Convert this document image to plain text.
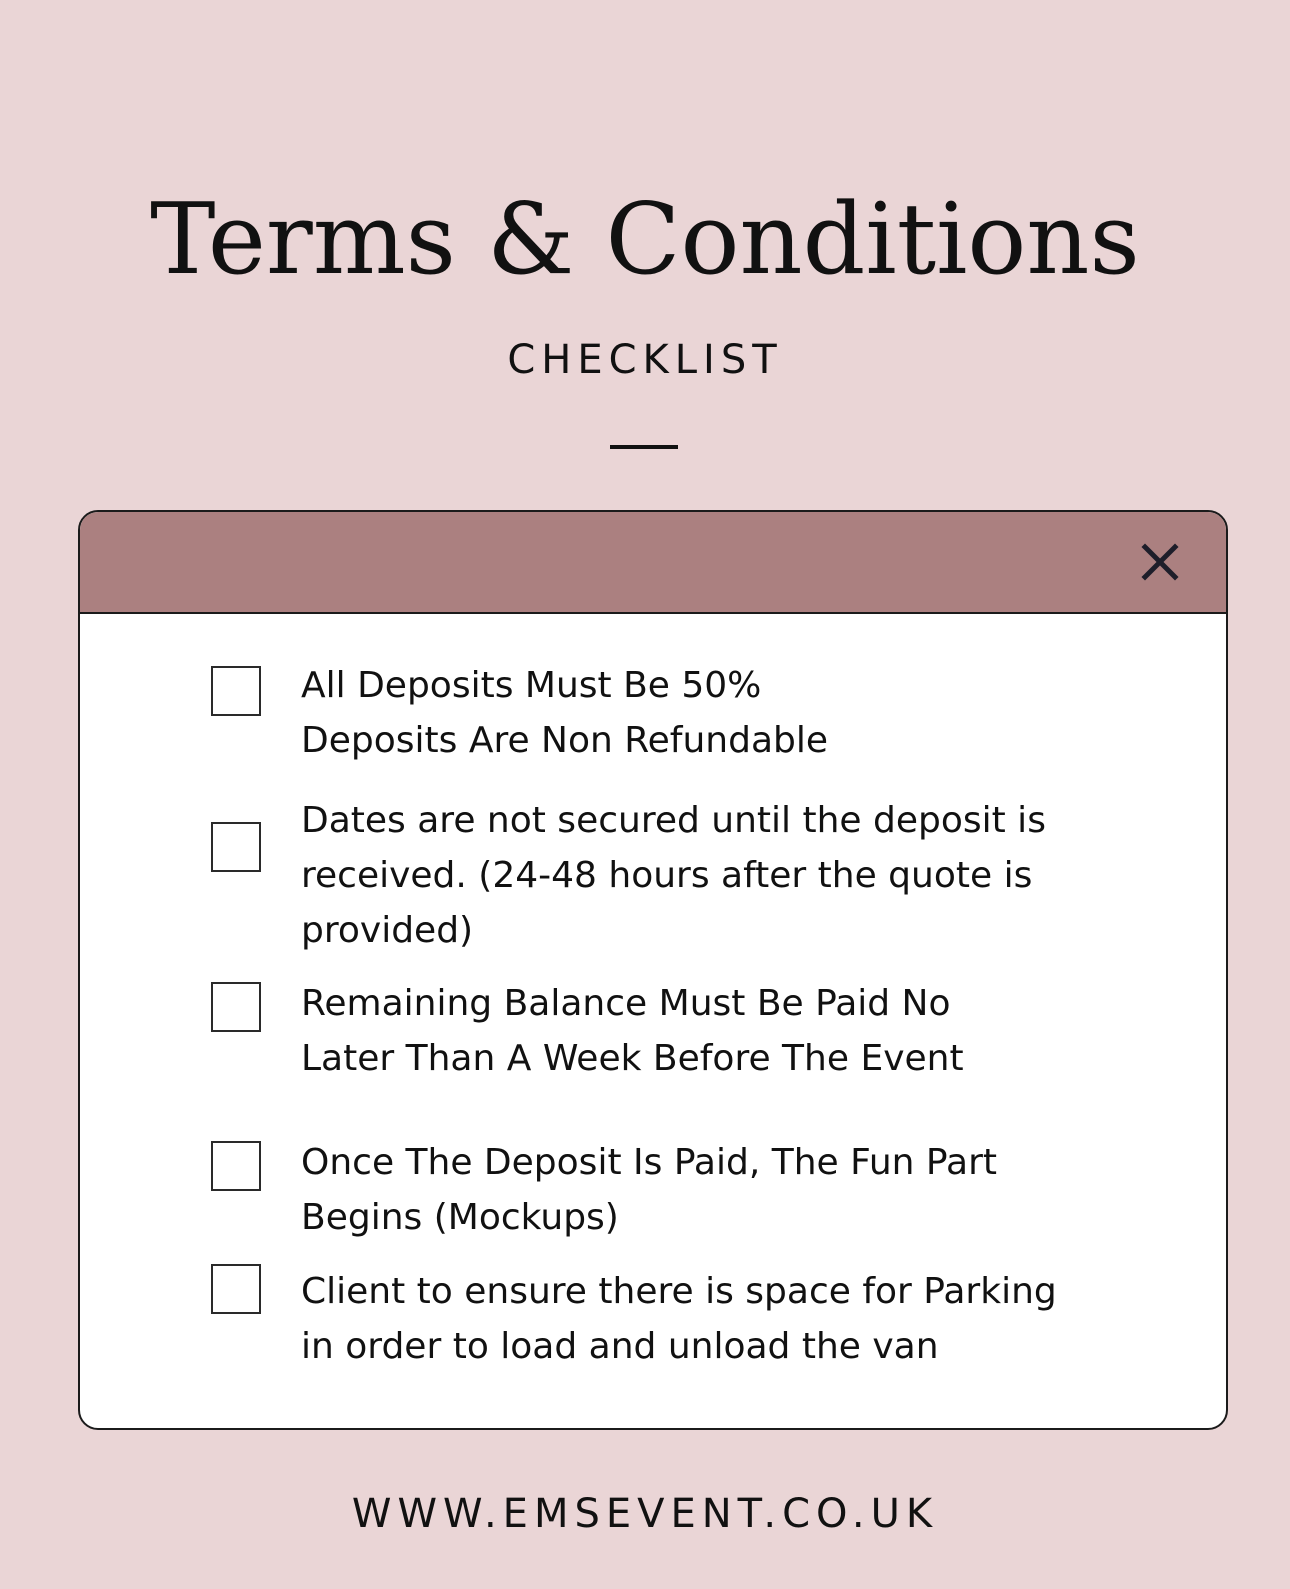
Terms & Conditions
CHECKLIST
All Deposits Must Be 50%
Deposits Are Non Refundable
Dates are not secured until the deposit is
received. (24-48 hours after the quote is
provided)
Remaining Balance Must Be Paid No
Later Than A Week Before The Event
Once The Deposit Is Paid, The Fun Part
Begins (Mockups)
Client to ensure there is space for Parking
in order to load and unload the van
WWW.EMSEVENT.CO.UK
